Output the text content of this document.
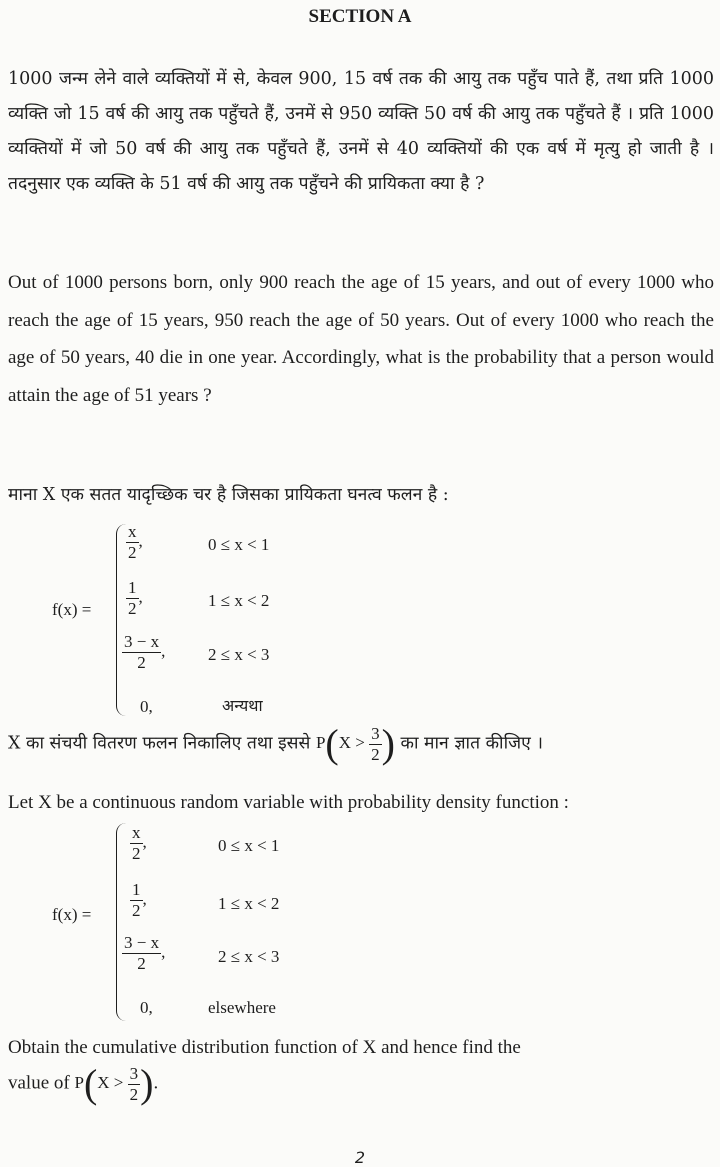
SECTION A
1000 जन्म लेने वाले व्यक्तियों में से, केवल 900, 15 वर्ष तक की आयु तक पहुँच पाते हैं, तथा प्रति 1000 व्यक्ति जो 15 वर्ष की आयु तक पहुँचते हैं, उनमें से 950 व्यक्ति 50 वर्ष की आयु तक पहुँचते हैं । प्रति 1000 व्यक्तियों में जो 50 वर्ष की आयु तक पहुँचते हैं, उनमें से 40 व्यक्तियों की एक वर्ष में मृत्यु हो जाती है । तदनुसार एक व्यक्ति के 51 वर्ष की आयु तक पहुँचने की प्रायिकता क्या है ?
Out of 1000 persons born, only 900 reach the age of 15 years, and out of every 1000 who reach the age of 15 years, 950 reach the age of 50 years. Out of every 1000 who reach the age of 50 years, 40 die in one year. Accordingly, what is the probability that a person would attain the age of 51 years ?
माना X एक सतत यादृच्छिक चर है जिसका प्रायिकता घनत्व फलन है :
f(x) =
$\frac{x}{2}$ ,	0 ≤ x < 1
$\frac{1}{2}$ ,	1 ≤ x < 2
$\frac{3 - x}{2}$ ,	2 ≤ x < 3
0,	अन्यथा
X का संचयी वितरण फलन निकालिए तथा इससे $P(X > \frac{3}{2}$ ) का मान ज्ञात कीजिए ।
Let X be a continuous random variable with probability density function :
f(x) =
$\frac{x}{2}$ ,	0 ≤ x < 1
$\frac{1}{2}$ ,	1 ≤ x < 2
$\frac{3 - x}{2}$ ,	2 ≤ x < 3
0,	elsewhere
Obtain the cumulative distribution function of X and hence find the
value of $P(X > \frac{3}{2}$ ).
2
